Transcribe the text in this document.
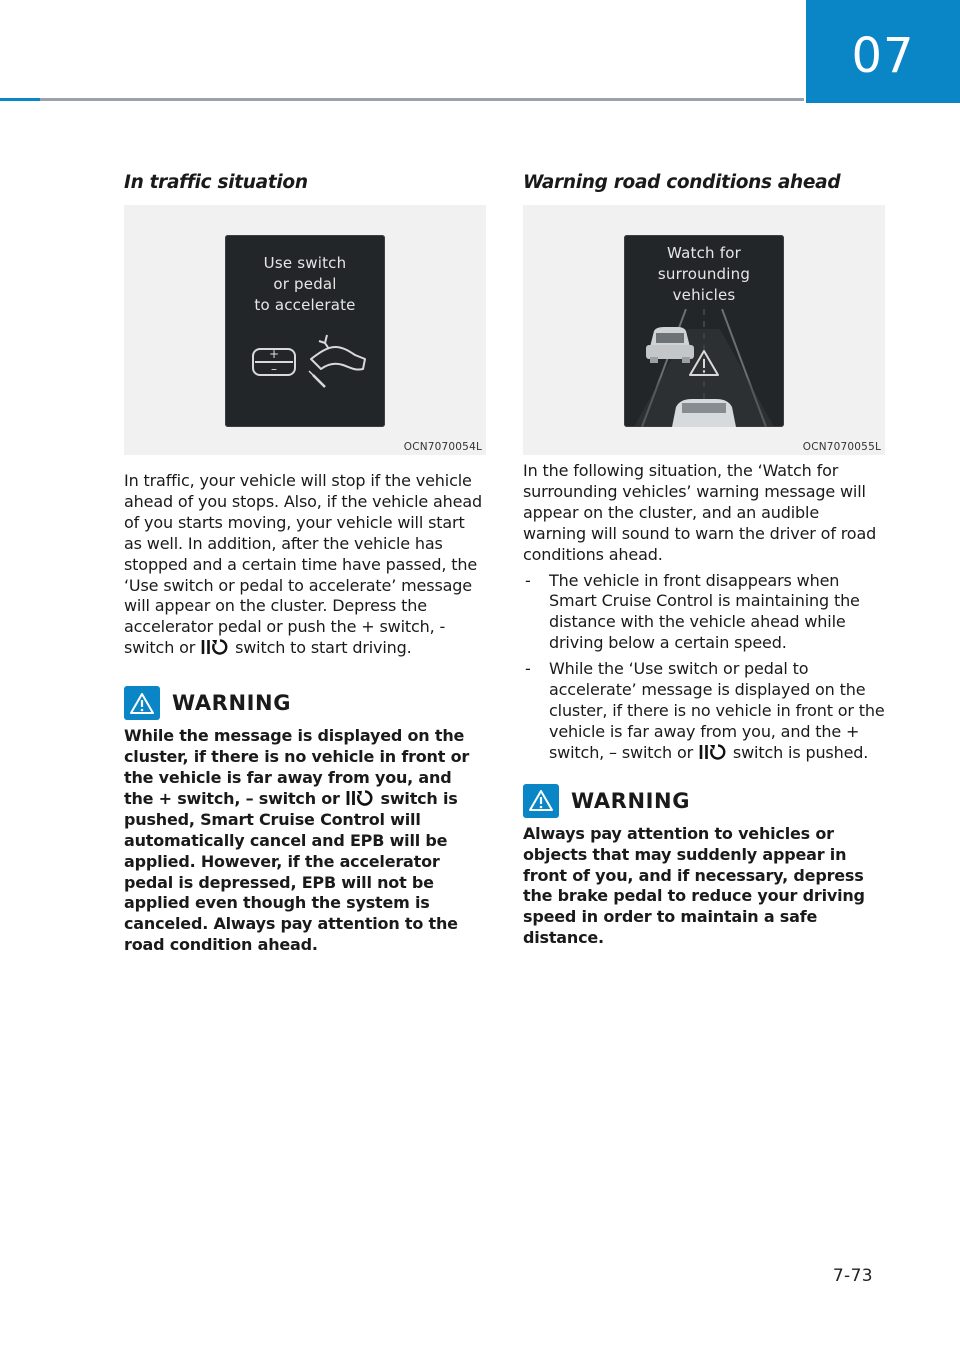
07
In traffic situation
Use switch
or pedal
to accelerate
+
–
OCN7070054L

In traffic, your vehicle will stop if the vehicle ahead of you stops. Also, if the vehicle ahead of you starts moving, your vehicle will start as well. In addition, after the vehicle has stopped and a certain time have passed, the ‘Use switch or pedal to accelerate’ message will appear on the cluster. Depress the accelerator pedal or push the + switch, - switch or switch to start driving.

WARNING
While the message is displayed on the cluster, if there is no vehicle in front or the vehicle is far away from you, and the + switch, – switch or	switch is pushed, Smart Cruise Control will automatically cancel and EPB will be applied. However, if the accelerator pedal is depressed, EPB will not be applied even though the system is canceled. Always pay attention to the road condition ahead.
Warning road conditions ahead
Watch for
surrounding
vehicles
OCN7070055L
In the following situation, the ‘Watch for surrounding vehicles’ warning message will appear on the cluster, and an audible warning will sound to warn the driver of road conditions ahead.
- The vehicle in front disappears when Smart Cruise Control is maintaining the distance with the vehicle ahead while driving below a certain speed.
- While the ‘Use switch or pedal to accelerate’ message is displayed on the cluster, if there is no vehicle in front or the vehicle is far away from you, and the + switch, – switch or switch is pushed.
WARNING
Always pay attention to vehicles or objects that may suddenly appear in front of you, and if necessary, depress the brake pedal to reduce your driving speed in order to maintain a safe distance.
7-73
